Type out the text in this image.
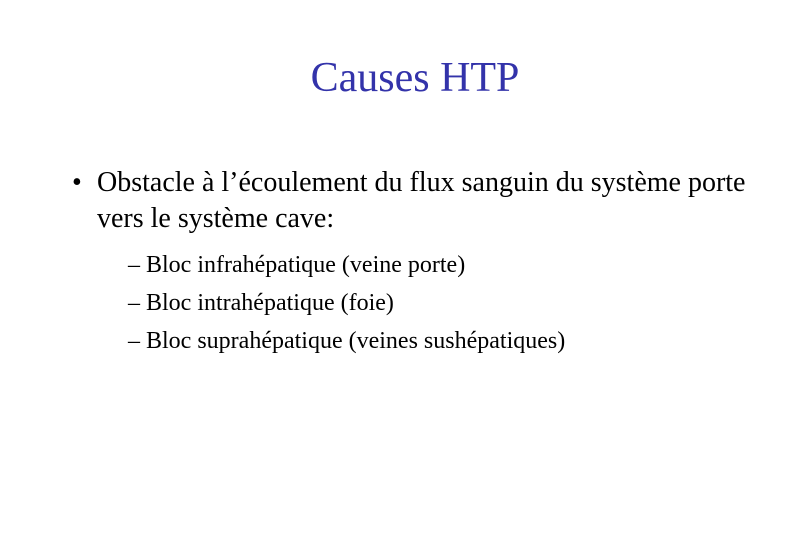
Causes HTP
• Obstacle à l’écoulement du flux sanguin du système porte vers le système cave:
– Bloc infrahépatique (veine porte)
– Bloc intrahépatique (foie)
– Bloc suprahépatique (veines sushépatiques)
